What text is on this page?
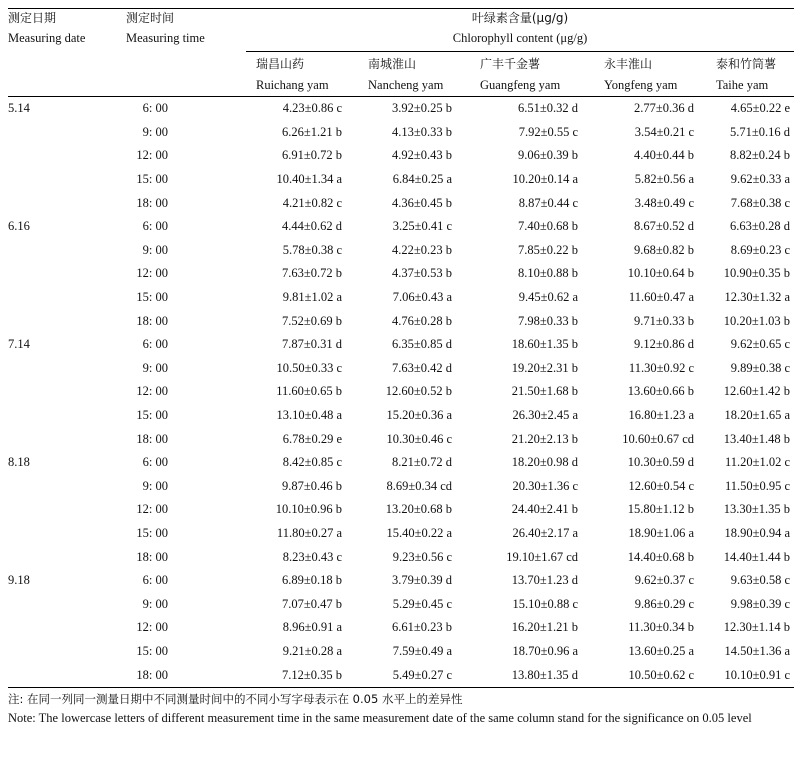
测定日期	测定时间	叶绿素含量(μg/g)				
Measuring date	Measuring time	Chlorophyll content (μg/g)				
		瑞昌山药	南城淮山	广丰千金薯	永丰淮山	泰和竹筒薯
		Ruichang yam	Nancheng yam	Guangfeng yam	Yongfeng yam	Taihe yam
5.14	6: 00	4.23±0.86 c	3.92±0.25 b	6.51±0.32 d	2.77±0.36 d	4.65±0.22 e
	9: 00	6.26±1.21 b	4.13±0.33 b	7.92±0.55 c	3.54±0.21 c	5.71±0.16 d
	12: 00	6.91±0.72 b	4.92±0.43 b	9.06±0.39 b	4.40±0.44 b	8.82±0.24 b
	15: 00	10.40±1.34 a	6.84±0.25 a	10.20±0.14 a	5.82±0.56 a	9.62±0.33 a
	18: 00	4.21±0.82 c	4.36±0.45 b	8.87±0.44 c	3.48±0.49 c	7.68±0.38 c
6.16	6: 00	4.44±0.62 d	3.25±0.41 c	7.40±0.68 b	8.67±0.52 d	6.63±0.28 d
	9: 00	5.78±0.38 c	4.22±0.23 b	7.85±0.22 b	9.68±0.82 b	8.69±0.23 c
	12: 00	7.63±0.72 b	4.37±0.53 b	8.10±0.88 b	10.10±0.64 b	10.90±0.35 b
	15: 00	9.81±1.02 a	7.06±0.43 a	9.45±0.62 a	11.60±0.47 a	12.30±1.32 a
	18: 00	7.52±0.69 b	4.76±0.28 b	7.98±0.33 b	9.71±0.33 b	10.20±1.03 b
7.14	6: 00	7.87±0.31 d	6.35±0.85 d	18.60±1.35 b	9.12±0.86 d	9.62±0.65 c
	9: 00	10.50±0.33 c	7.63±0.42 d	19.20±2.31 b	11.30±0.92 c	9.89±0.38 c
	12: 00	11.60±0.65 b	12.60±0.52 b	21.50±1.68 b	13.60±0.66 b	12.60±1.42 b
	15: 00	13.10±0.48 a	15.20±0.36 a	26.30±2.45 a	16.80±1.23 a	18.20±1.65 a
	18: 00	6.78±0.29 e	10.30±0.46 c	21.20±2.13 b	10.60±0.67 cd	13.40±1.48 b
8.18	6: 00	8.42±0.85 c	8.21±0.72 d	18.20±0.98 d	10.30±0.59 d	11.20±1.02 c
	9: 00	9.87±0.46 b	8.69±0.34 cd	20.30±1.36 c	12.60±0.54 c	11.50±0.95 c
	12: 00	10.10±0.96 b	13.20±0.68 b	24.40±2.41 b	15.80±1.12 b	13.30±1.35 b
	15: 00	11.80±0.27 a	15.40±0.22 a	26.40±2.17 a	18.90±1.06 a	18.90±0.94 a
	18: 00	8.23±0.43 c	9.23±0.56 c	19.10±1.67 cd	14.40±0.68 b	14.40±1.44 b
9.18	6: 00	6.89±0.18 b	3.79±0.39 d	13.70±1.23 d	9.62±0.37 c	9.63±0.58 c
	9: 00	7.07±0.47 b	5.29±0.45 c	15.10±0.88 c	9.86±0.29 c	9.98±0.39 c
	12: 00	8.96±0.91 a	6.61±0.23 b	16.20±1.21 b	11.30±0.34 b	12.30±1.14 b
	15: 00	9.21±0.28 a	7.59±0.49 a	18.70±0.96 a	13.60±0.25 a	14.50±1.36 a
	18: 00	7.12±0.35 b	5.49±0.27 c	13.80±1.35 d	10.50±0.62 c	10.10±0.91 c
注: 在同一列同一测量日期中不同测量时间中的不同小写字母表示在 0.05 水平上的差异性
Note: The lowercase letters of different measurement time in the same measurement date of the same column stand for the significance on 0.05 level
